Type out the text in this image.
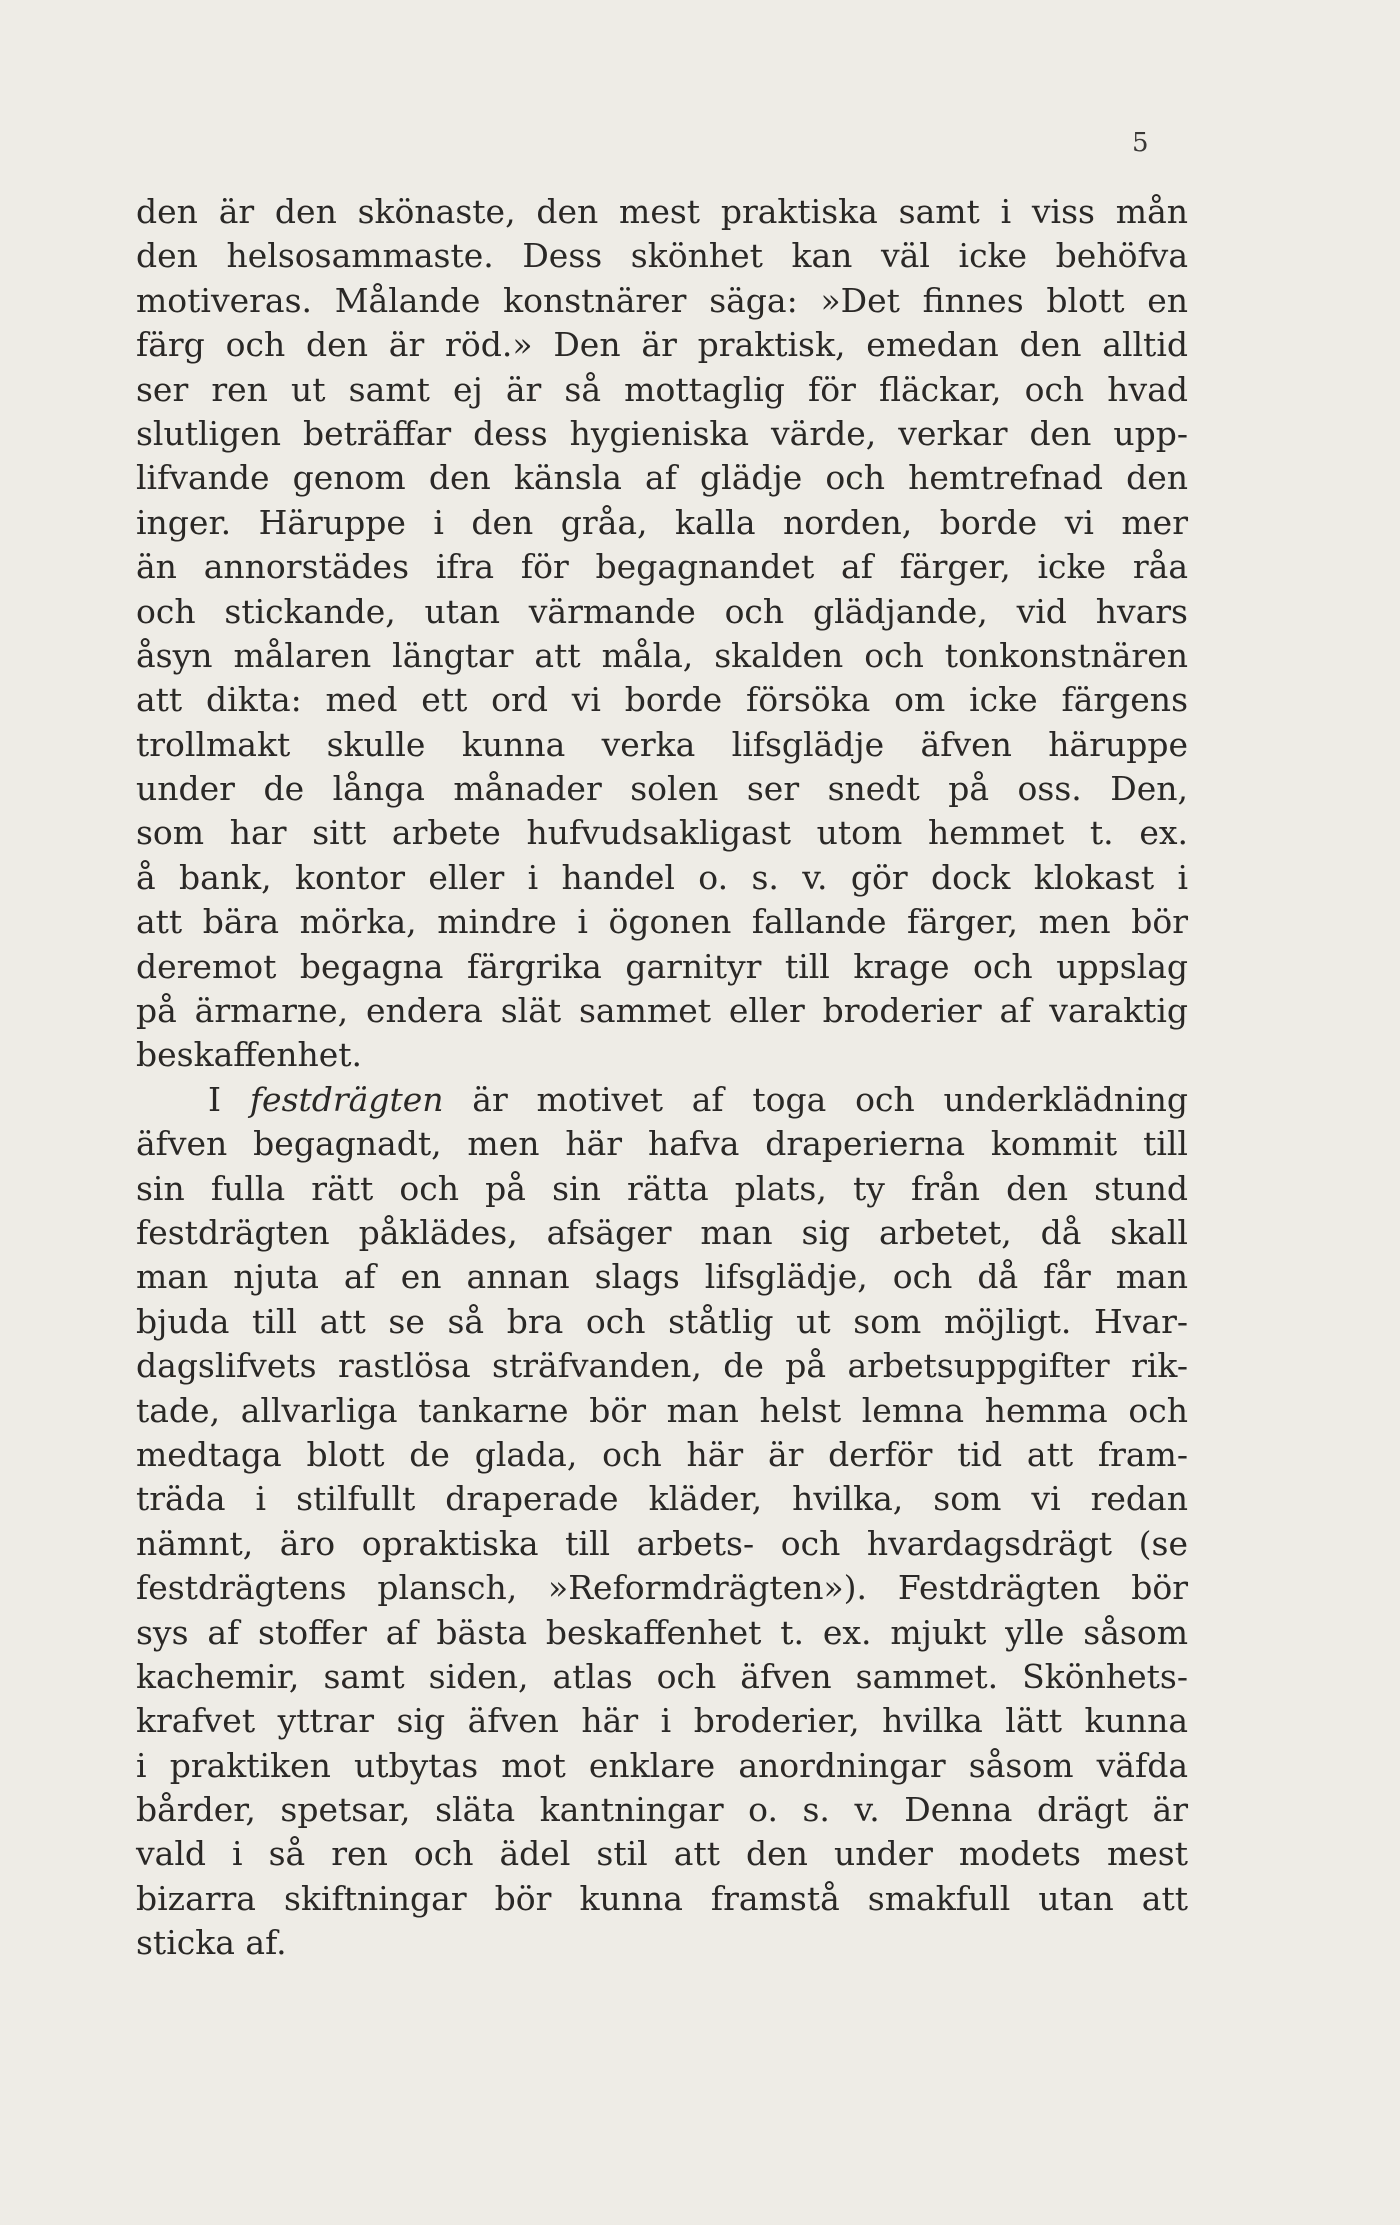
5
den är den skönaste, den mest praktiska samt i viss mån
den helsosammaste. Dess skönhet kan väl icke behöfva
motiveras. Målande konstnärer säga: »Det finnes blott en
färg och den är röd.» Den är praktisk, emedan den alltid
ser ren ut samt ej är så mottaglig för fläckar, och hvad
slutligen beträffar dess hygieniska värde, verkar den upp-
lifvande genom den känsla af glädje och hemtrefnad den
inger. Häruppe i den gråa, kalla norden, borde vi mer
än annorstädes ifra för begagnandet af färger, icke råa
och stickande, utan värmande och glädjande, vid hvars
åsyn målaren längtar att måla, skalden och tonkonstnären
att dikta: med ett ord vi borde försöka om icke färgens
trollmakt skulle kunna verka lifsglädje äfven häruppe
under de långa månader solen ser snedt på oss. Den,
som har sitt arbete hufvudsakligast utom hemmet t. ex.
å bank, kontor eller i handel o. s. v. gör dock klokast i
att bära mörka, mindre i ögonen fallande färger, men bör
deremot begagna färgrika garnityr till krage och uppslag
på ärmarne, endera slät sammet eller broderier af varaktig
beskaffenhet.
I festdrägten är motivet af toga och underklädning
äfven begagnadt, men här hafva draperierna kommit till
sin fulla rätt och på sin rätta plats, ty från den stund
festdrägten påklädes, afsäger man sig arbetet, då skall
man njuta af en annan slags lifsglädje, och då får man
bjuda till att se så bra och ståtlig ut som möjligt. Hvar-
dagslifvets rastlösa sträfvanden, de på arbetsuppgifter rik-
tade, allvarliga tankarne bör man helst lemna hemma och
medtaga blott de glada, och här är derför tid att fram-
träda i stilfullt draperade kläder, hvilka, som vi redan
nämnt, äro opraktiska till arbets- och hvardagsdrägt (se
festdrägtens plansch, »Reformdrägten»). Festdrägten bör
sys af stoffer af bästa beskaffenhet t. ex. mjukt ylle såsom
kachemir, samt siden, atlas och äfven sammet. Skönhets-
krafvet yttrar sig äfven här i broderier, hvilka lätt kunna
i praktiken utbytas mot enklare anordningar såsom väfda
bårder, spetsar, släta kantningar o. s. v. Denna drägt är
vald i så ren och ädel stil att den under modets mest
bizarra skiftningar bör kunna framstå smakfull utan att
sticka af.
